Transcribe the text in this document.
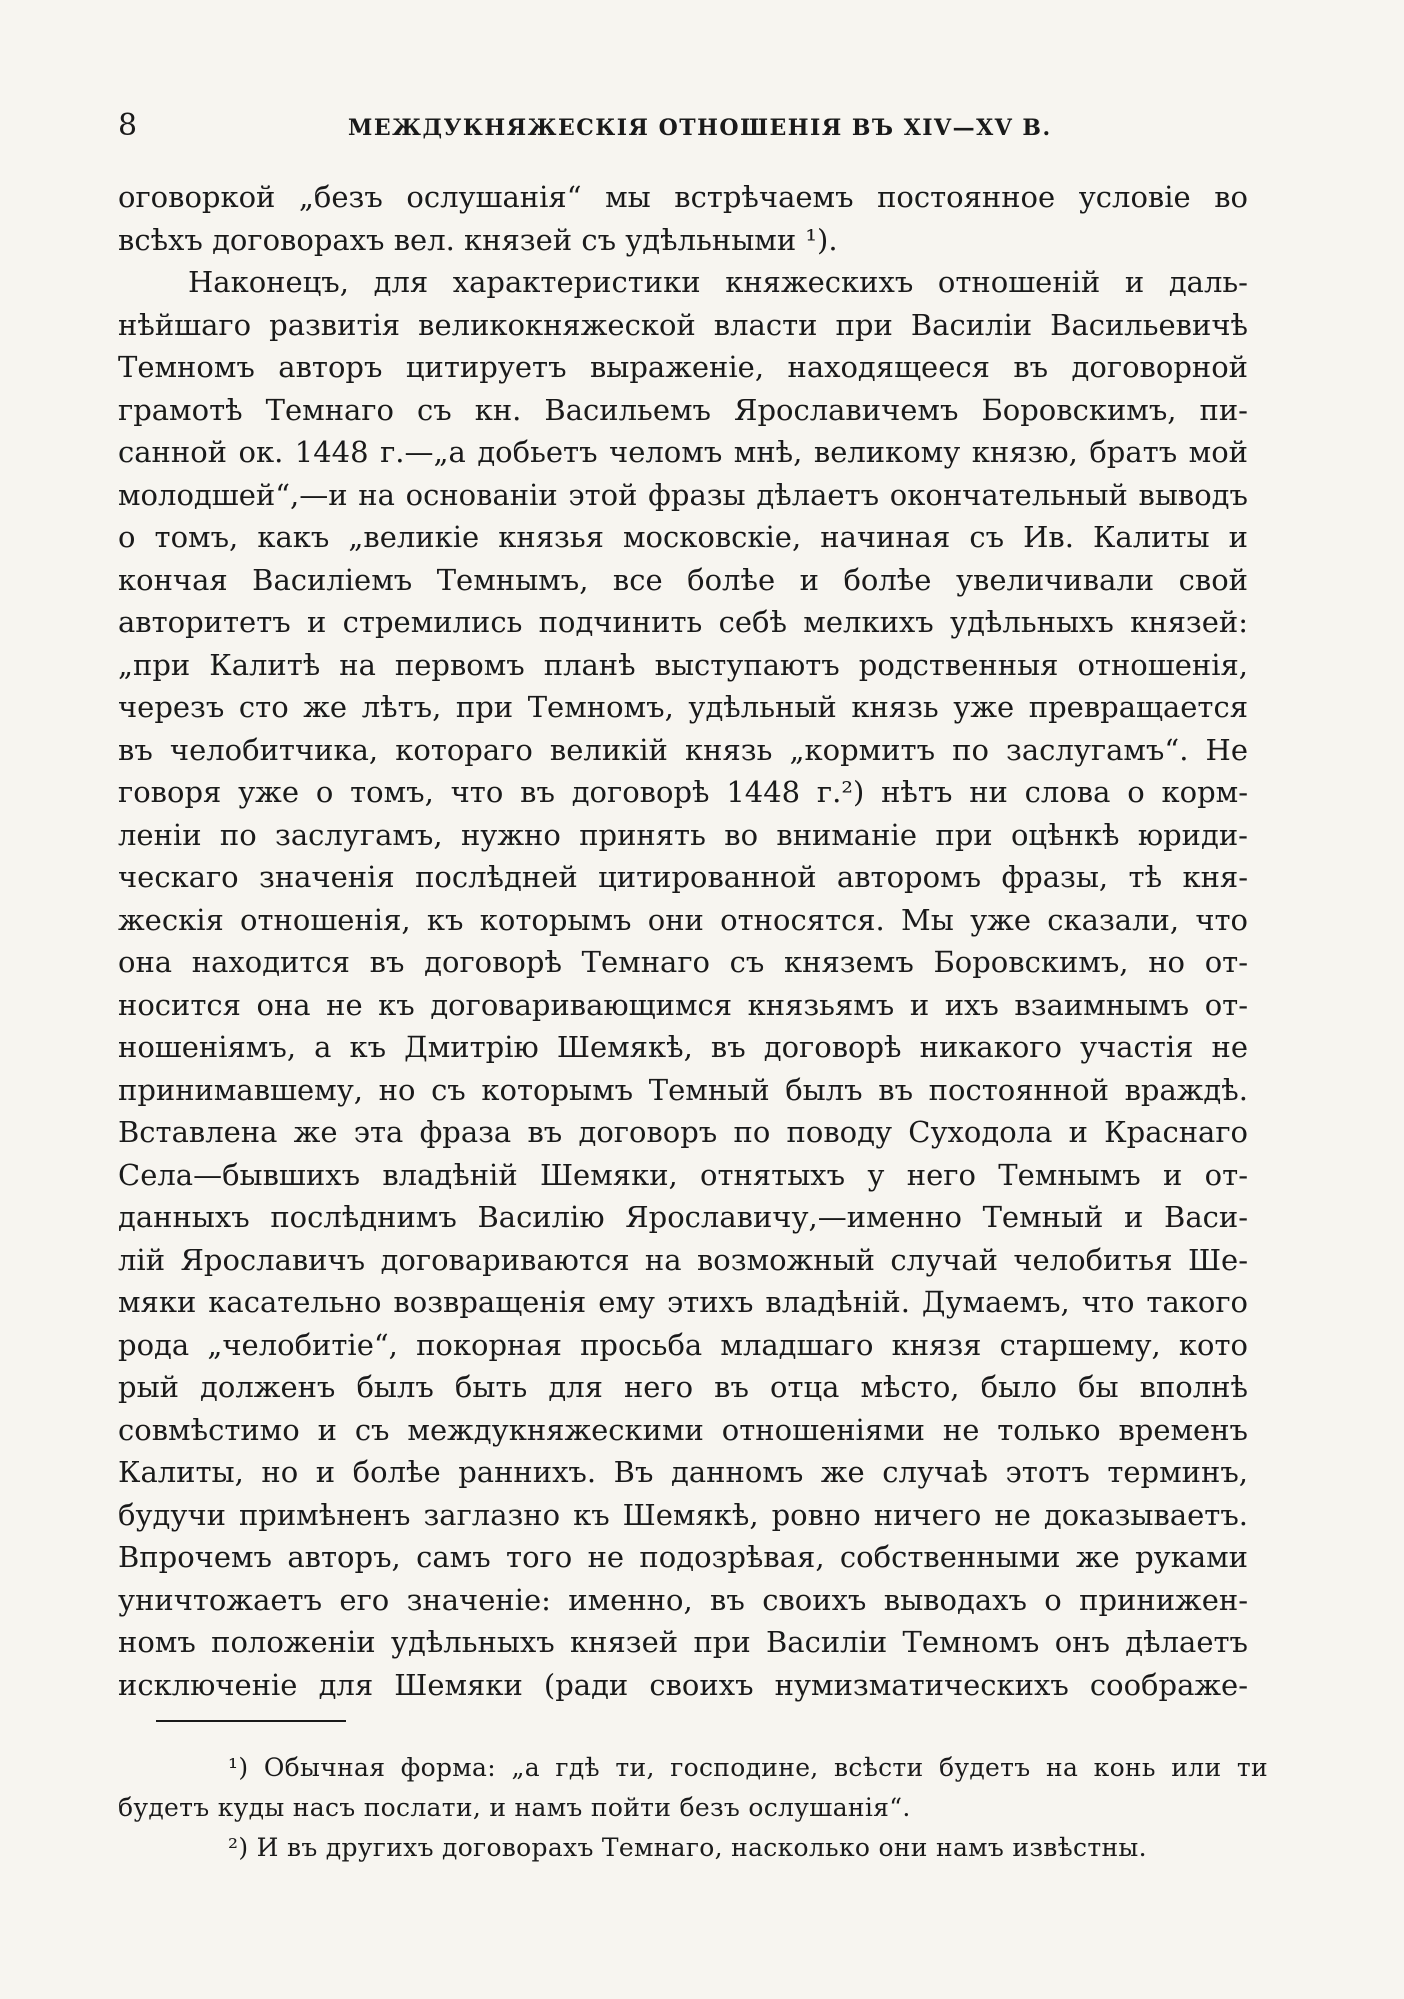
8	МЕЖДУКНЯЖЕСКІЯ ОТНОШЕНІЯ ВЪ XIV—XV В.
оговоркой „безъ ослушанія“ мы встрѣчаемъ постоянное условіе во
всѣхъ договорахъ вел. князей съ удѣльными ¹).
Наконецъ, для характеристики княжескихъ отношеній и даль-
нѣйшаго развитія великокняжеской власти при Василіи Васильевичѣ
Темномъ авторъ цитируетъ выраженіе, находящееся въ договорной
грамотѣ Темнаго съ кн. Васильемъ Ярославичемъ Боровскимъ, пи-
санной ок. 1448 г.—„а добьетъ челомъ мнѣ, великому князю, братъ мой
молодшей“,—и на основаніи этой фразы дѣлаетъ окончательный выводъ
о томъ, какъ „великіе князья московскіе, начиная съ Ив. Калиты и
кончая Василіемъ Темнымъ, все болѣе и болѣе увеличивали свой
авторитетъ и стремились подчинить себѣ мелкихъ удѣльныхъ князей:
„при Калитѣ на первомъ планѣ выступаютъ родственныя отношенія,
черезъ сто же лѣтъ, при Темномъ, удѣльный князь уже превращается
въ челобитчика, котораго великій князь „кормитъ по заслугамъ“. Не
говоря уже о томъ, что въ договорѣ 1448 г.²) нѣтъ ни слова о корм-
леніи по заслугамъ, нужно принять во вниманіе при оцѣнкѣ юриди-
ческаго значенія послѣдней цитированной авторомъ фразы, тѣ кня-
жескія отношенія, къ которымъ они относятся. Мы уже сказали, что
она находится въ договорѣ Темнаго съ княземъ Боровскимъ, но от-
носится она не къ договаривающимся князьямъ и ихъ взаимнымъ от-
ношеніямъ, а къ Дмитрію Шемякѣ, въ договорѣ никакого участія не
принимавшему, но съ которымъ Темный былъ въ постоянной враждѣ.
Вставлена же эта фраза въ договоръ по поводу Суходола и Краснаго
Села—бывшихъ владѣній Шемяки, отнятыхъ у него Темнымъ и от-
данныхъ послѣднимъ Василію Ярославичу,—именно Темный и Васи-
лій Ярославичъ договариваются на возможный случай челобитья Ше-
мяки касательно возвращенія ему этихъ владѣній. Думаемъ, что такого
рода „челобитіе“, покорная просьба младшаго князя старшему, кото
рый долженъ былъ быть для него въ отца мѣсто, было бы вполнѣ
совмѣстимо и съ междукняжескими отношеніями не только временъ
Калиты, но и болѣе раннихъ. Въ данномъ же случаѣ этотъ терминъ,
будучи примѣненъ заглазно къ Шемякѣ, ровно ничего не доказываетъ.
Впрочемъ авторъ, самъ того не подозрѣвая, собственными же руками
уничтожаетъ его значеніе: именно, въ своихъ выводахъ о принижен-
номъ положеніи удѣльныхъ князей при Василіи Темномъ онъ дѣлаетъ
исключеніе для Шемяки (ради своихъ нумизматическихъ соображе-
¹) Обычная форма: „а гдѣ ти, господине, всѣсти будетъ на конь или ти
будетъ куды насъ послати, и намъ пойти безъ ослушанія“.
²) И въ другихъ договорахъ Темнаго, насколько они намъ извѣстны.
